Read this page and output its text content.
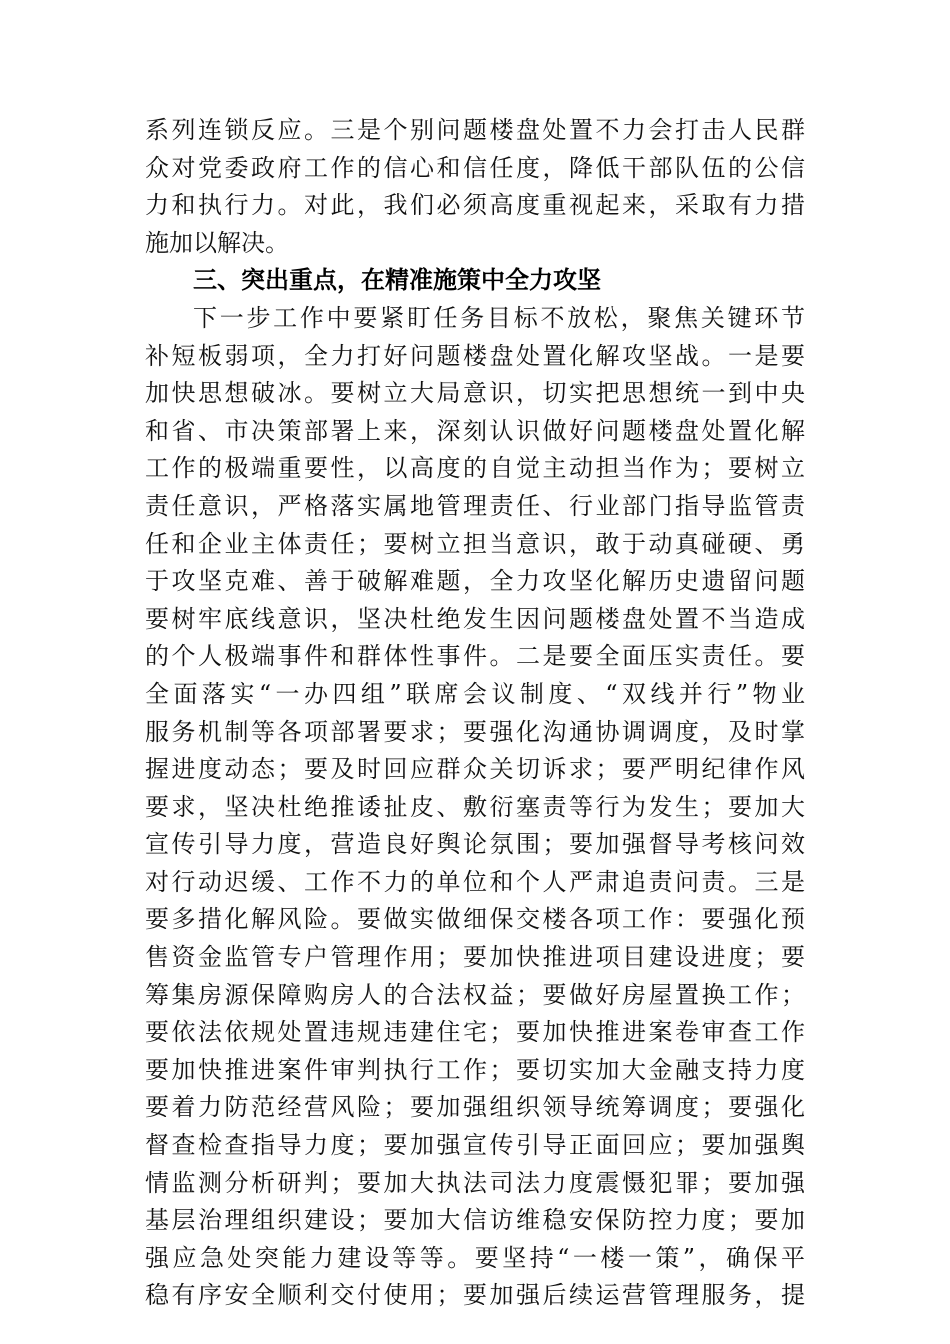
系列连锁反应。三是个别问题楼盘处置不力会打击人民群
众对党委政府工作的信心和信任度，降低干部队伍的公信
力和执行力。对此，我们必须高度重视起来，采取有力措
施加以解决。
三、突出重点，在精准施策中全力攻坚
下一步工作中要紧盯任务目标不放松，聚焦关键环节
补短板弱项，全力打好问题楼盘处置化解攻坚战。一是要
加快思想破冰。要树立大局意识，切实把思想统一到中央
和省、市决策部署上来，深刻认识做好问题楼盘处置化解
工作的极端重要性，以高度的自觉主动担当作为；要树立
责任意识，严格落实属地管理责任、行业部门指导监管责
任和企业主体责任；要树立担当意识，敢于动真碰硬、勇
于攻坚克难、善于破解难题，全力攻坚化解历史遗留问题
要树牢底线意识，坚决杜绝发生因问题楼盘处置不当造成
的个人极端事件和群体性事件。二是要全面压实责任。要
全面落实“一办四组”联席会议制度、“双线并行”物业
服务机制等各项部署要求；要强化沟通协调调度，及时掌
握进度动态；要及时回应群众关切诉求；要严明纪律作风
要求，坚决杜绝推诿扯皮、敷衍塞责等行为发生；要加大
宣传引导力度，营造良好舆论氛围；要加强督导考核问效
对行动迟缓、工作不力的单位和个人严肃追责问责。三是
要多措化解风险。要做实做细保交楼各项工作：要强化预
售资金监管专户管理作用；要加快推进项目建设进度；要
筹集房源保障购房人的合法权益；要做好房屋置换工作；
要依法依规处置违规违建住宅；要加快推进案卷审查工作
要加快推进案件审判执行工作；要切实加大金融支持力度
要着力防范经营风险；要加强组织领导统筹调度；要强化
督查检查指导力度；要加强宣传引导正面回应；要加强舆
情监测分析研判；要加大执法司法力度震慑犯罪；要加强
基层治理组织建设；要加大信访维稳安保防控力度；要加
强应急处突能力建设等等。要坚持“一楼一策”，确保平
稳有序安全顺利交付使用；要加强后续运营管理服务，提
